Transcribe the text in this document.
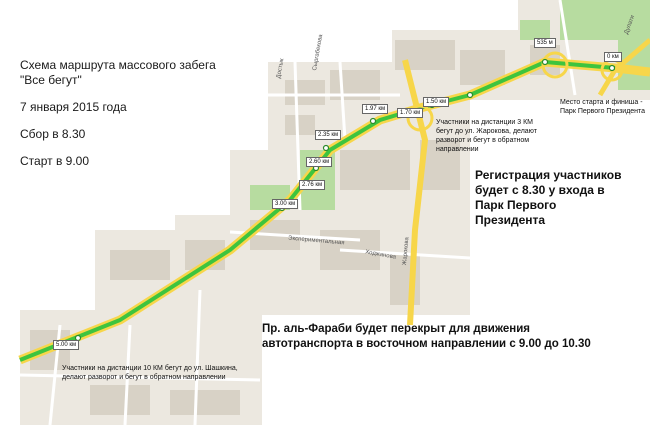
Жарокова
Ходжанова
Экспериментальная
Сыргабекова
Дулати
Достык
0 км
535 м
1.50 км
1.70 км
1.97 км
2.35 км
2.60 км
2.76 км
3.00 км
5.00 км
Место старта и финиша - Парк Первого Президента
Участники на дистанции 3 КМ бегут до ул. Жарокова, делают разворот и бегут в обратном направлении
Участники на дистанции 10 КМ бегут до ул. Шашкина, делают разворот и бегут в обратном направлении

Схема маршрута массового забега

"Все бегут"

7 января 2015 года

Сбор в 8.30

Старт в 9.00

Регистрация участников будет с 8.30 у входа в Парк Первого Президента
Пр. аль-Фараби будет перекрыт для движения автотранспорта в восточном направлении с 9.00 до 10.30
